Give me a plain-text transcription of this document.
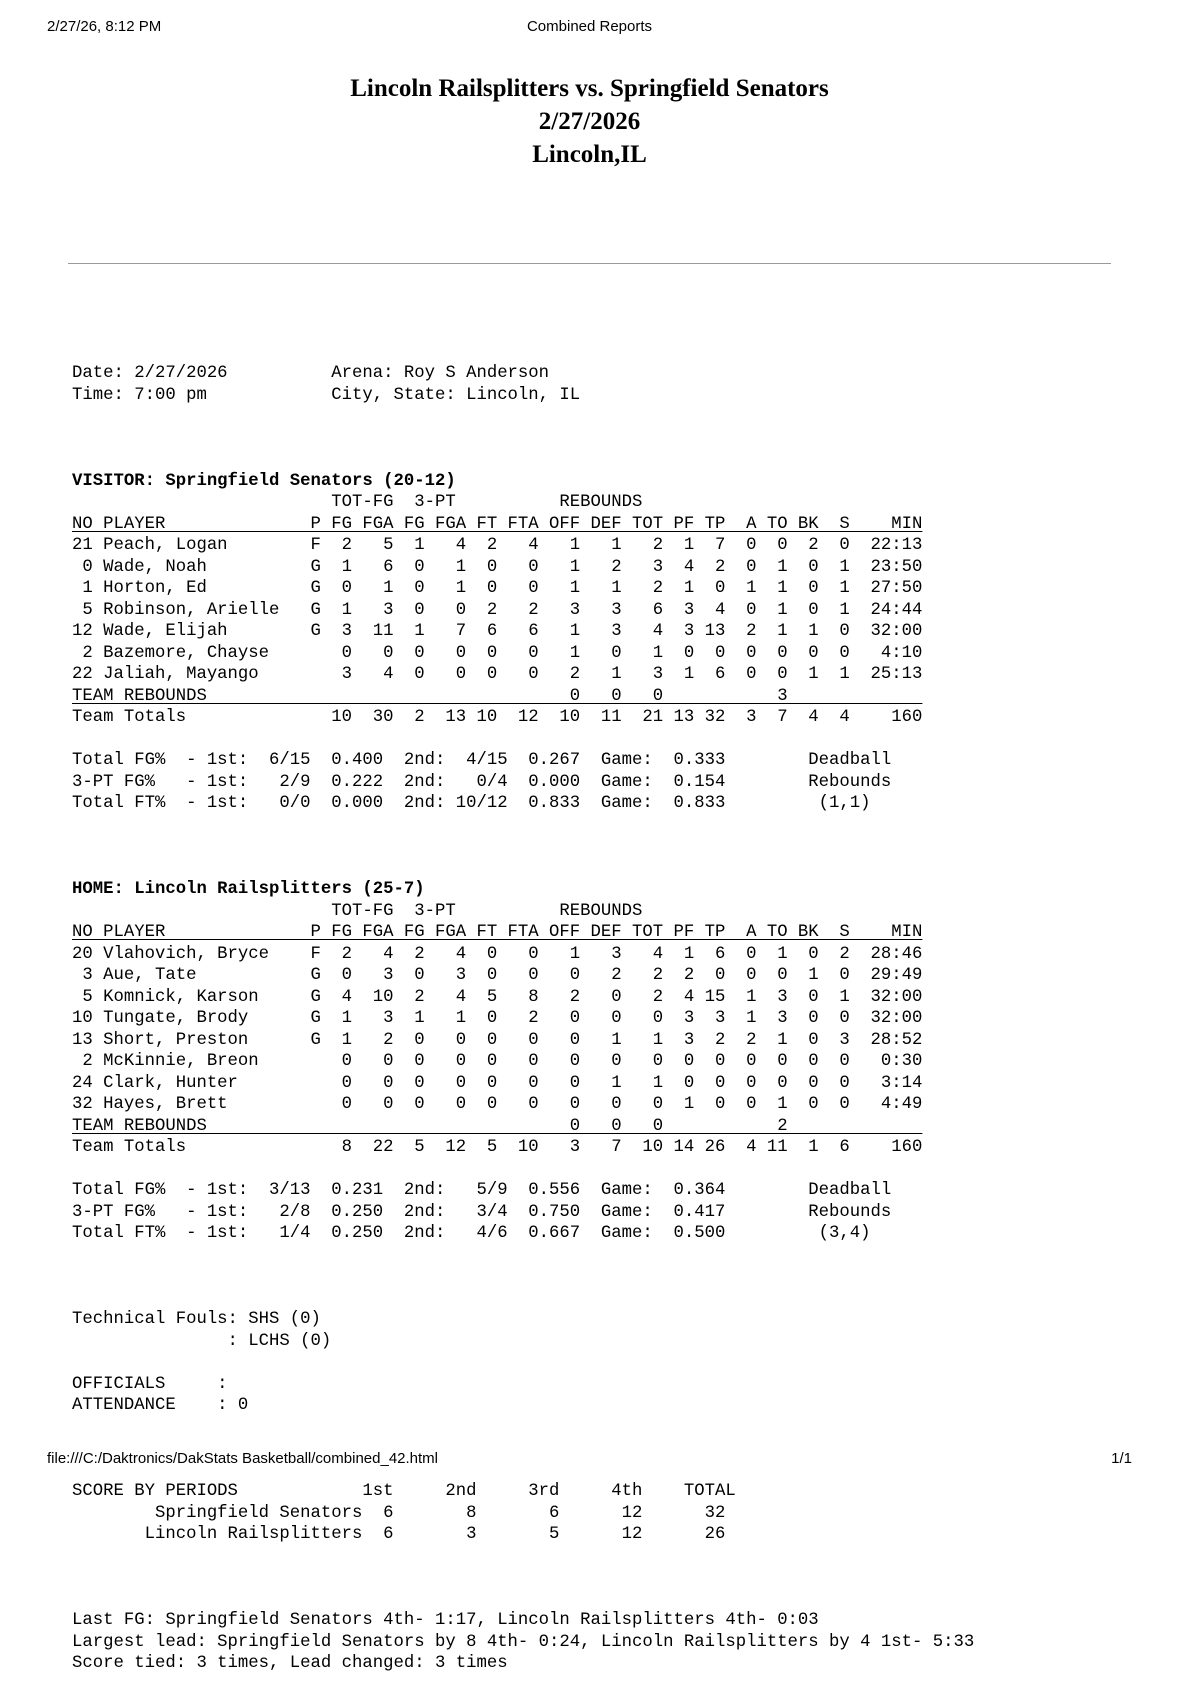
2/27/26, 8:12 PM	Combined Reports
Lincoln Railsplitters vs. Springfield Senators
2/27/2026
Lincoln,IL

Date: 2/27/2026          Arena: Roy S Anderson
Time: 7:00 pm            City, State: Lincoln, IL

VISITOR: Springfield Senators (20-12)
TOT-FG  3-PT          REBOUNDS
NO PLAYER              P FG FGA FG FGA FT FTA OFF DEF TOT PF TP  A TO BK  S    MIN
21 Peach, Logan        F  2   5  1   4  2   4   1   1   2  1  7  0  0  2  0  22:13
0 Wade, Noah          G  1   6  0   1  0   0   1   2   3  4  2  0  1  0  1  23:50
1 Horton, Ed          G  0   1  0   1  0   0   1   1   2  1  0  1  1  0  1  27:50
5 Robinson, Arielle   G  1   3  0   0  2   2   3   3   6  3  4  0  1  0  1  24:44
12 Wade, Elijah        G  3  11  1   7  6   6   1   3   4  3 13  2  1  1  0  32:00
2 Bazemore, Chayse       0   0  0   0  0   0   1   0   1  0  0  0  0  0  0   4:10
22 Jaliah, Mayango        3   4  0   0  0   0   2   1   3  1  6  0  0  1  1  25:13
TEAM REBOUNDS                                   0   0   0           3
Team Totals              10  30  2  13 10  12  10  11  21 13 32  3  7  4  4    160
Total FG%  - 1st:  6/15  0.400  2nd:  4/15  0.267  Game:  0.333        Deadball
3-PT FG%   - 1st:   2/9  0.222  2nd:   0/4  0.000  Game:  0.154        Rebounds
Total FT%  - 1st:   0/0  0.000  2nd: 10/12  0.833  Game:  0.833         (1,1)

HOME: Lincoln Railsplitters (25-7)
TOT-FG  3-PT          REBOUNDS
NO PLAYER              P FG FGA FG FGA FT FTA OFF DEF TOT PF TP  A TO BK  S    MIN
20 Vlahovich, Bryce    F  2   4  2   4  0   0   1   3   4  1  6  0  1  0  2  28:46
3 Aue, Tate           G  0   3  0   3  0   0   0   2   2  2  0  0  0  1  0  29:49
5 Komnick, Karson     G  4  10  2   4  5   8   2   0   2  4 15  1  3  0  1  32:00
10 Tungate, Brody      G  1   3  1   1  0   2   0   0   0  3  3  1  3  0  0  32:00
13 Short, Preston      G  1   2  0   0  0   0   0   1   1  3  2  2  1  0  3  28:52
2 McKinnie, Breon        0   0  0   0  0   0   0   0   0  0  0  0  0  0  0   0:30
24 Clark, Hunter          0   0  0   0  0   0   0   1   1  0  0  0  0  0  0   3:14
32 Hayes, Brett           0   0  0   0  0   0   0   0   0  1  0  0  1  0  0   4:49
TEAM REBOUNDS                                   0   0   0           2
Team Totals               8  22  5  12  5  10   3   7  10 14 26  4 11  1  6    160
Total FG%  - 1st:  3/13  0.231  2nd:   5/9  0.556  Game:  0.364        Deadball
3-PT FG%   - 1st:   2/8  0.250  2nd:   3/4  0.750  Game:  0.417        Rebounds
Total FT%  - 1st:   1/4  0.250  2nd:   4/6  0.667  Game:  0.500         (3,4)

Technical Fouls: SHS (0)
: LCHS (0)
OFFICIALS     :
ATTENDANCE    : 0

SCORE BY PERIODS            1st     2nd     3rd     4th    TOTAL
Springfield Senators  6       8       6      12      32
Lincoln Railsplitters  6       3       5      12      26

Last FG: Springfield Senators 4th- 1:17, Lincoln Railsplitters 4th- 0:03
Largest lead: Springfield Senators by 8 4th- 0:24, Lincoln Railsplitters by 4 1st- 5:33
Score tied: 3 times, Lead changed: 3 times

file:///C:/Daktronics/DakStats Basketball/combined_42.html	1/1
